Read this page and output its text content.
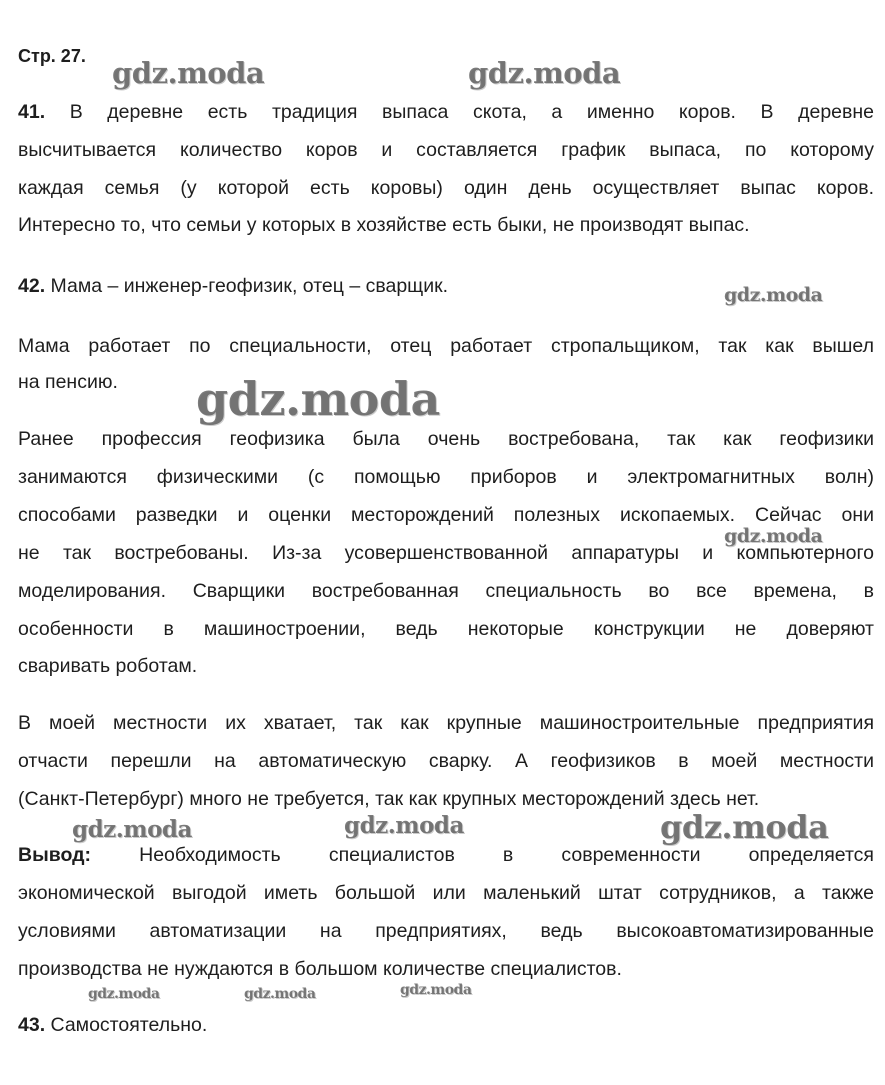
Стр. 27.
41. В деревне есть традиция выпаса скота, а именно коров. В деревне
высчитывается количество коров и составляется график выпаса, по которому
каждая семья (у которой есть коровы) один день осуществляет выпас коров.
Интересно то, что семьи у которых в хозяйстве есть быки, не производят выпас.
42. Мама – инженер-геофизик, отец – сварщик.
Мама работает по специальности, отец работает стропальщиком, так как вышел
на пенсию.
Ранее профессия геофизика была очень востребована, так как геофизики
занимаются физическими (с помощью приборов и электромагнитных волн)
способами разведки и оценки месторождений полезных ископаемых. Сейчас они
не так востребованы. Из-за усовершенствованной аппаратуры и компьютерного
моделирования. Сварщики востребованная специальность во все времена, в
особенности в машиностроении, ведь некоторые конструкции не доверяют
сваривать роботам.
В моей местности их хватает, так как крупные машиностроительные предприятия
отчасти перешли на автоматическую сварку. А геофизиков в моей местности
(Санкт-Петербург) много не требуется, так как крупных месторождений здесь нет.
Вывод: Необходимость специалистов в современности определяется
экономической выгодой иметь большой или маленький штат сотрудников, а также
условиями автоматизации на предприятиях, ведь высокоавтоматизированные
производства не нуждаются в большом количестве специалистов.
43. Самостоятельно.
gdz.moda	gdz.moda
gdz.moda
gdz.moda
gdz.moda
gdz.moda	gdz.moda	gdz.moda
gdz.moda	gdz.moda	gdz.moda
